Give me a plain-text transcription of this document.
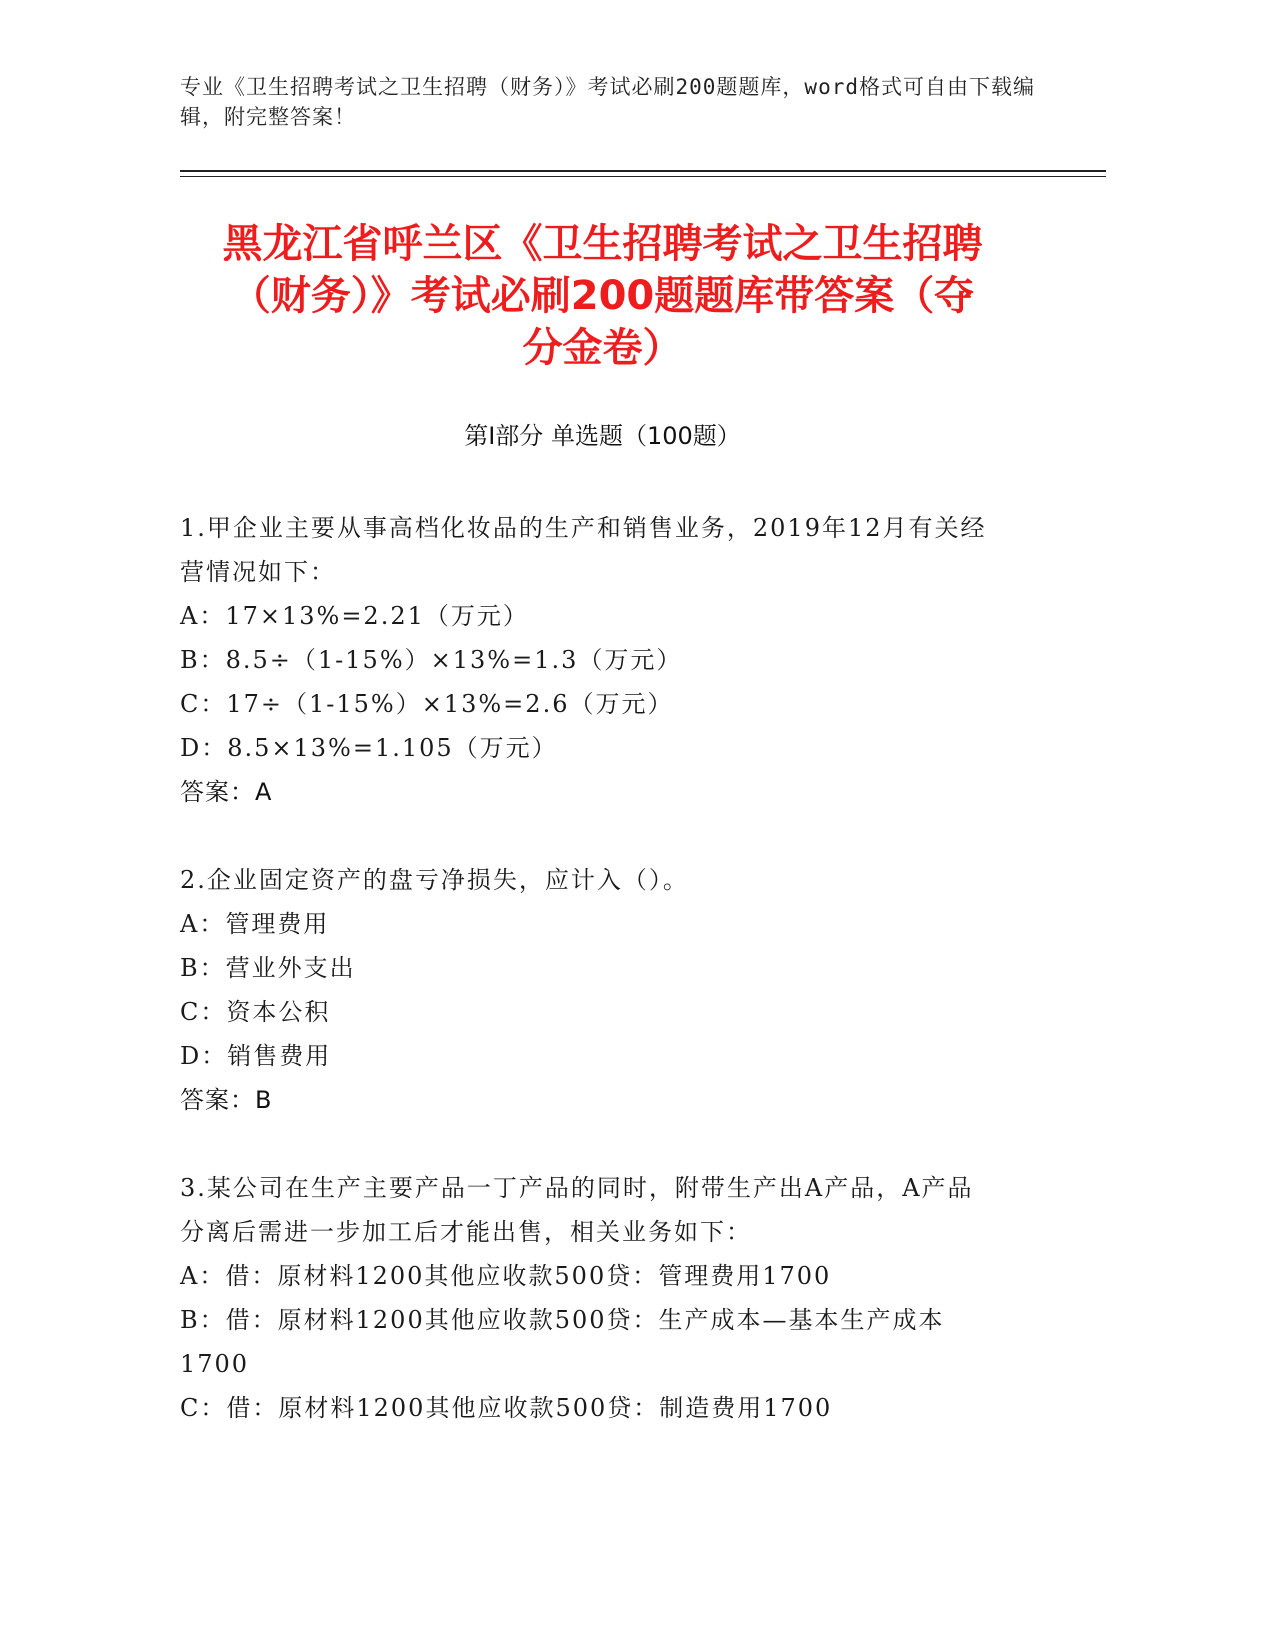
专业《卫生招聘考试之卫生招聘（财务）》考试必刷200题题库，word格式可自由下载编辑，附完整答案！
黑龙江省呼兰区《卫生招聘考试之卫生招聘
（财务）》考试必刷200题题库带答案（夺
分金卷）
第Ⅰ部分 单选题（100题）

1.甲企业主要从事高档化妆品的生产和销售业务，2019年12月有关经

营情况如下：

A：17×13%=2.21（万元）

B：8.5÷（1-15%）×13%=1.3（万元）

C：17÷（1-15%）×13%=2.6（万元）

D：8.5×13%=1.105（万元）

答案：A

2.企业固定资产的盘亏净损失，应计入（）。

A：管理费用

B：营业外支出

C：资本公积

D：销售费用

答案：B

3.某公司在生产主要产品一丁产品的同时，附带生产出A产品，A产品

分离后需进一步加工后才能出售，相关业务如下：

A：借：原材料1200其他应收款500贷：管理费用1700

B：借：原材料1200其他应收款500贷：生产成本—基本生产成本

1700

C：借：原材料1200其他应收款500贷：制造费用1700
